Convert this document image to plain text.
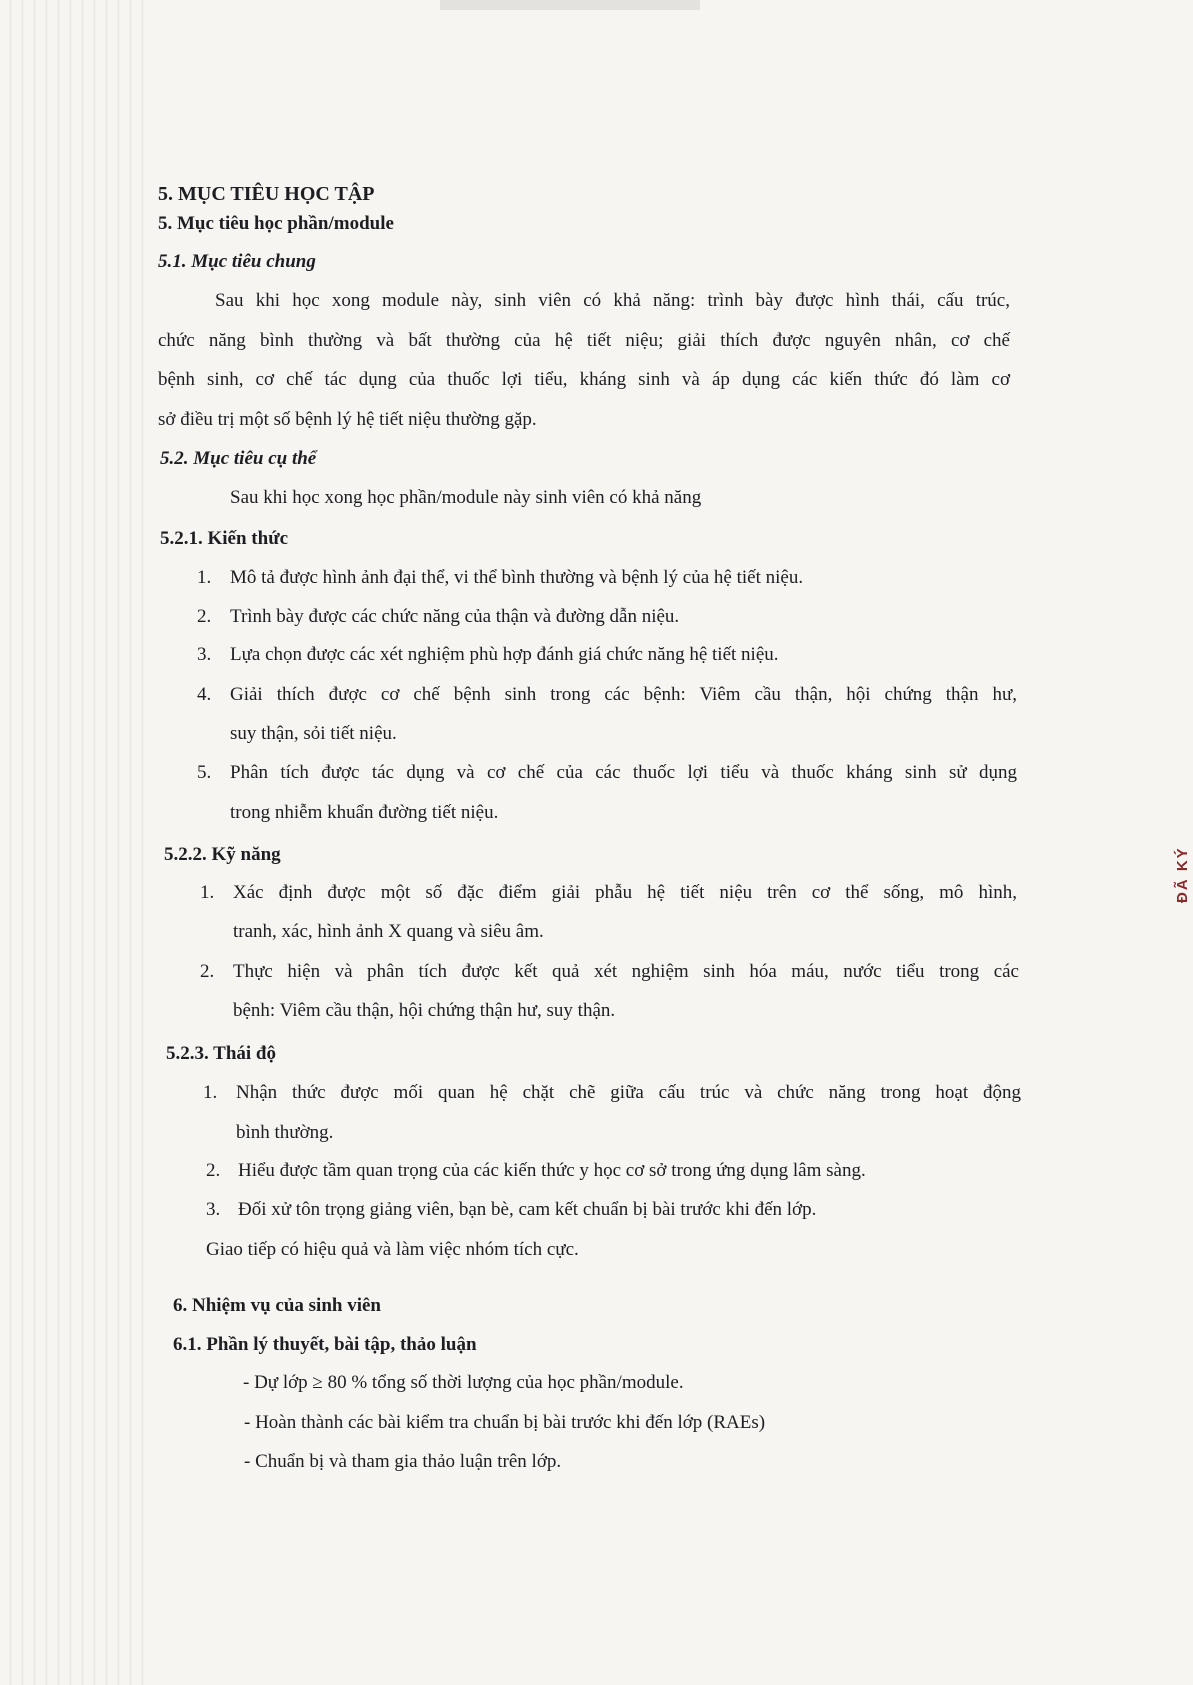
ĐÃ KÝ
5. MỤC TIÊU HỌC TẬP
5. Mục tiêu học phần/module
5.1. Mục tiêu chung

Sau khi học xong module này, sinh viên có khả năng: trình bày được hình thái, cấu trúc,

chức năng bình thường và bất thường của hệ tiết niệu; giải thích được nguyên nhân, cơ chế

bệnh sinh, cơ chế tác dụng của thuốc lợi tiểu, kháng sinh và áp dụng các kiến thức đó làm cơ

sở điều trị một số bệnh lý hệ tiết niệu thường gặp.

5.2. Mục tiêu cụ thể

Sau khi học xong học phần/module này sinh viên có khả năng

5.2.1. Kiến thức
1. Mô tả được hình ảnh đại thể, vi thể bình thường và bệnh lý của hệ tiết niệu.
2. Trình bày được các chức năng của thận và đường dẫn niệu.
3. Lựa chọn được các xét nghiệm phù hợp đánh giá chức năng hệ tiết niệu.
4. Giải thích được cơ chế bệnh sinh trong các bệnh: Viêm cầu thận, hội chứng thận hư,

suy thận, sỏi tiết niệu.
5. Phân tích được tác dụng và cơ chế của các thuốc lợi tiểu và thuốc kháng sinh sử dụng

trong nhiễm khuẩn đường tiết niệu.
5.2.2. Kỹ năng
1. Xác định được một số đặc điểm giải phẫu hệ tiết niệu trên cơ thể sống, mô hình,

tranh, xác, hình ảnh X quang và siêu âm.
2. Thực hiện và phân tích được kết quả xét nghiệm sinh hóa máu, nước tiểu trong các

bệnh: Viêm cầu thận, hội chứng thận hư, suy thận.
5.2.3. Thái độ
1. Nhận thức được mối quan hệ chặt chẽ giữa cấu trúc và chức năng trong hoạt động

bình thường.
2. Hiểu được tầm quan trọng của các kiến thức y học cơ sở trong ứng dụng lâm sàng.
3. Đối xử tôn trọng giảng viên, bạn bè, cam kết chuẩn bị bài trước khi đến lớp.

Giao tiếp có hiệu quả và làm việc nhóm tích cực.

6. Nhiệm vụ của sinh viên
6.1. Phần lý thuyết, bài tập, thảo luận

- Dự lớp ≥ 80 % tổng số thời lượng của học phần/module.

- Hoàn thành các bài kiểm tra chuẩn bị bài trước khi đến lớp (RAEs)

- Chuẩn bị và tham gia thảo luận trên lớp.
